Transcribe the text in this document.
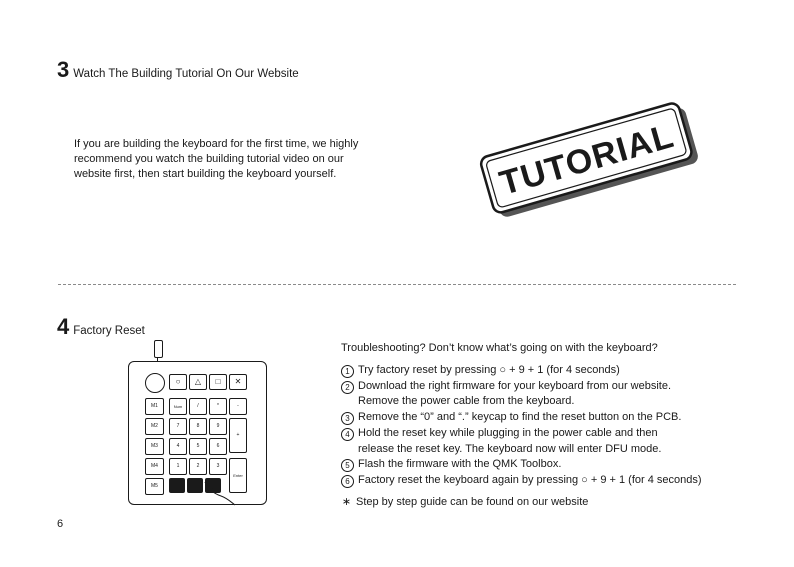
3 Watch The Building Tutorial On Our Website
If you are building the keyboard for the first time, we highly
recommend you watch the building tutorial video on our
website first, then start building the keyboard yourself.	TUTORIAL
4 Factory Reset
○	△	□	✕
M1
M2
M3
M4
M5
Num	/	*	-
7	8	9
+
4	5	6
1	2	3
Enter
Troubleshooting? Don’t know what’s going on with the keyboard?
1 Try factory reset by pressing ○ + 9 + 1 (for 4 seconds)
2 Download the right firmware for your keyboard from our website.
Remove the power cable from the keyboard.
3 Remove the “0” and “.” keycap to find the reset button on the PCB.
4 Hold the reset key while plugging in the power cable and then
release the reset key. The keyboard now will enter DFU mode.
5 Flash the firmware with the QMK Toolbox.
6 Factory reset the keyboard again by pressing ○ + 9 + 1 (for 4 seconds)
∗ Step by step guide can be found on our website
6
